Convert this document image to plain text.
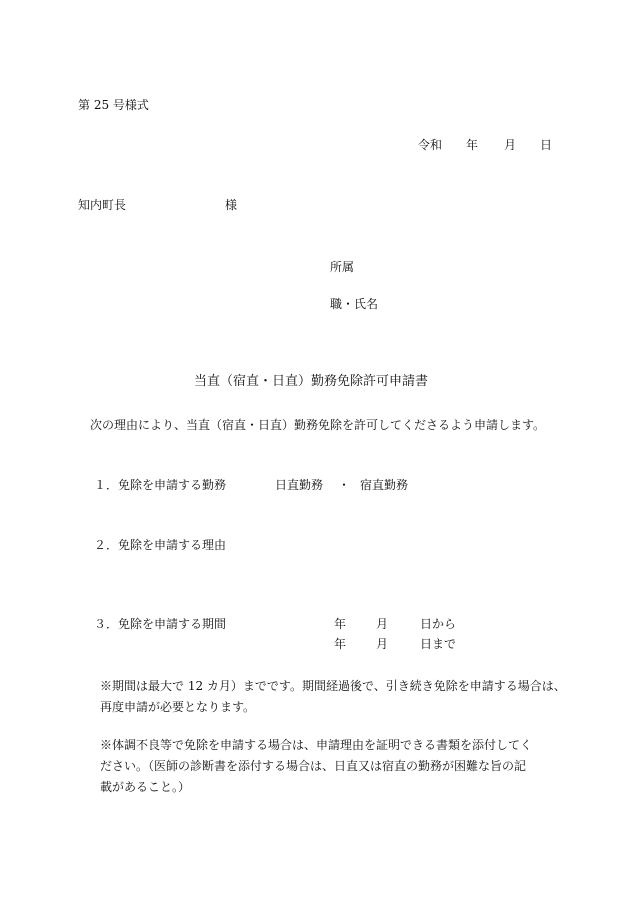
第 25 号様式
令和 年 月 日
知内町長	様
所属
職・氏名
当直（宿直・日直）勤務免除許可申請書
次の理由により、当直（宿直・日直）勤務免除を許可してくださるよう申請します。
１．免除を申請する勤務	日直勤務 ・ 宿直勤務
２．免除を申請する理由
３．免除を申請する期間	年 月	日から
年 月	日まで
※期間は最大で 12 カ月）までです。期間経過後で、引き続き免除を申請する場合は、
再度申請が必要となります。
※体調不良等で免除を申請する場合は、申請理由を証明できる書類を添付してく
ださい。（医師の診断書を添付する場合は、日直又は宿直の勤務が困難な旨の記
載があること。）
